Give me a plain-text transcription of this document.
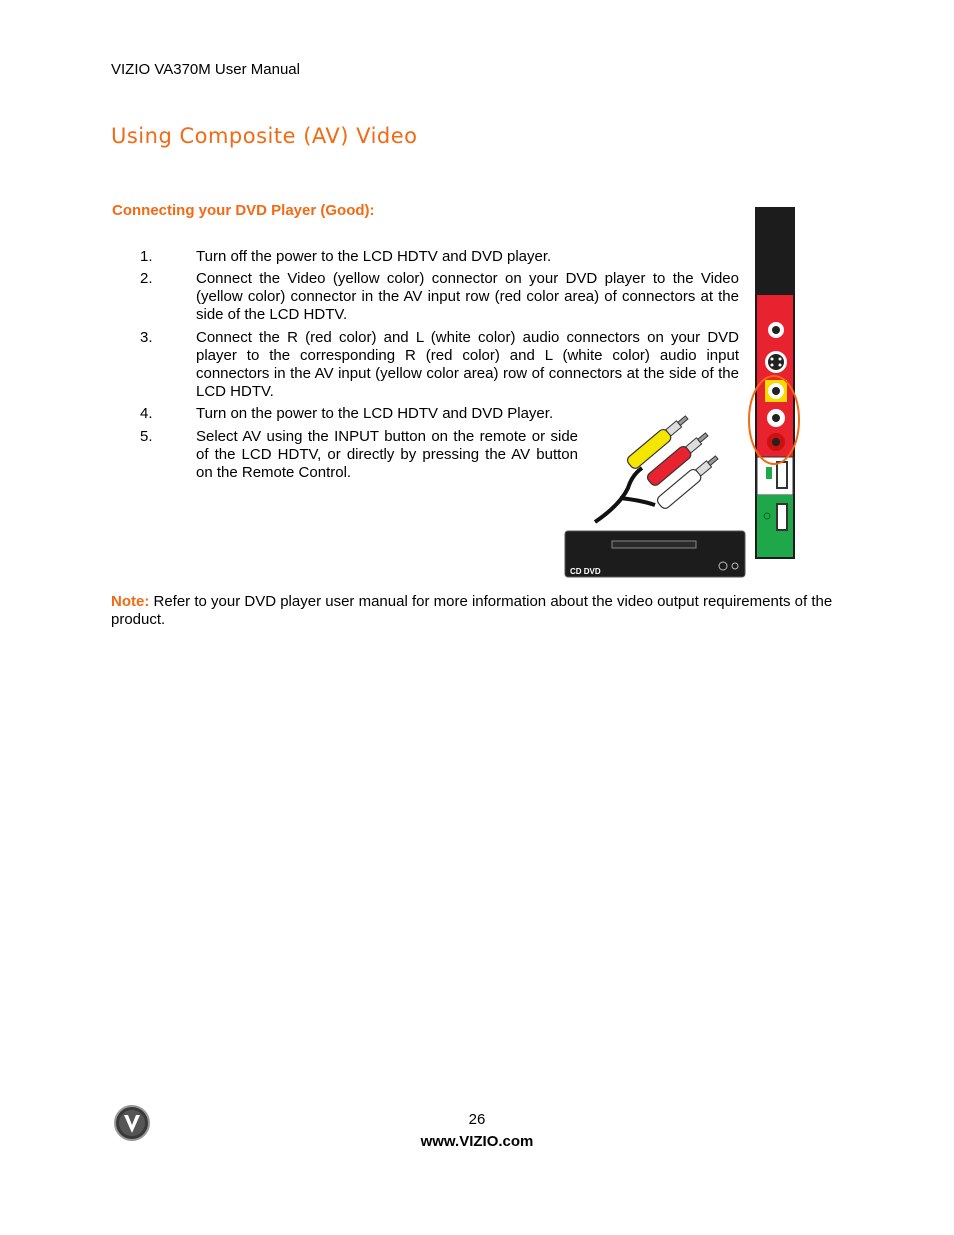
VIZIO VA370M User Manual
Using Composite (AV) Video
Connecting your DVD Player (Good):
1.	Turn off the power to the LCD HDTV and DVD player.
2.	Connect the Video (yellow color) connector on your DVD player to the Video (yellow color) connector in the AV input row (red color area) of connectors at the side of the LCD HDTV.
3.	Connect the R (red color) and L (white color) audio connectors on your DVD player to the corresponding R (red color) and L (white color) audio input connectors in the AV input (yellow color area) row of connectors at the side of the LCD HDTV.
4.	Turn on the power to the LCD HDTV and DVD Player.
5.	Select AV using the INPUT button on the remote or side of the LCD HDTV, or directly by pressing the AV button on the Remote Control.
CD DVD
Note: Refer to your DVD player user manual for more information about the video output requirements of the product.
26
www.VIZIO.com
